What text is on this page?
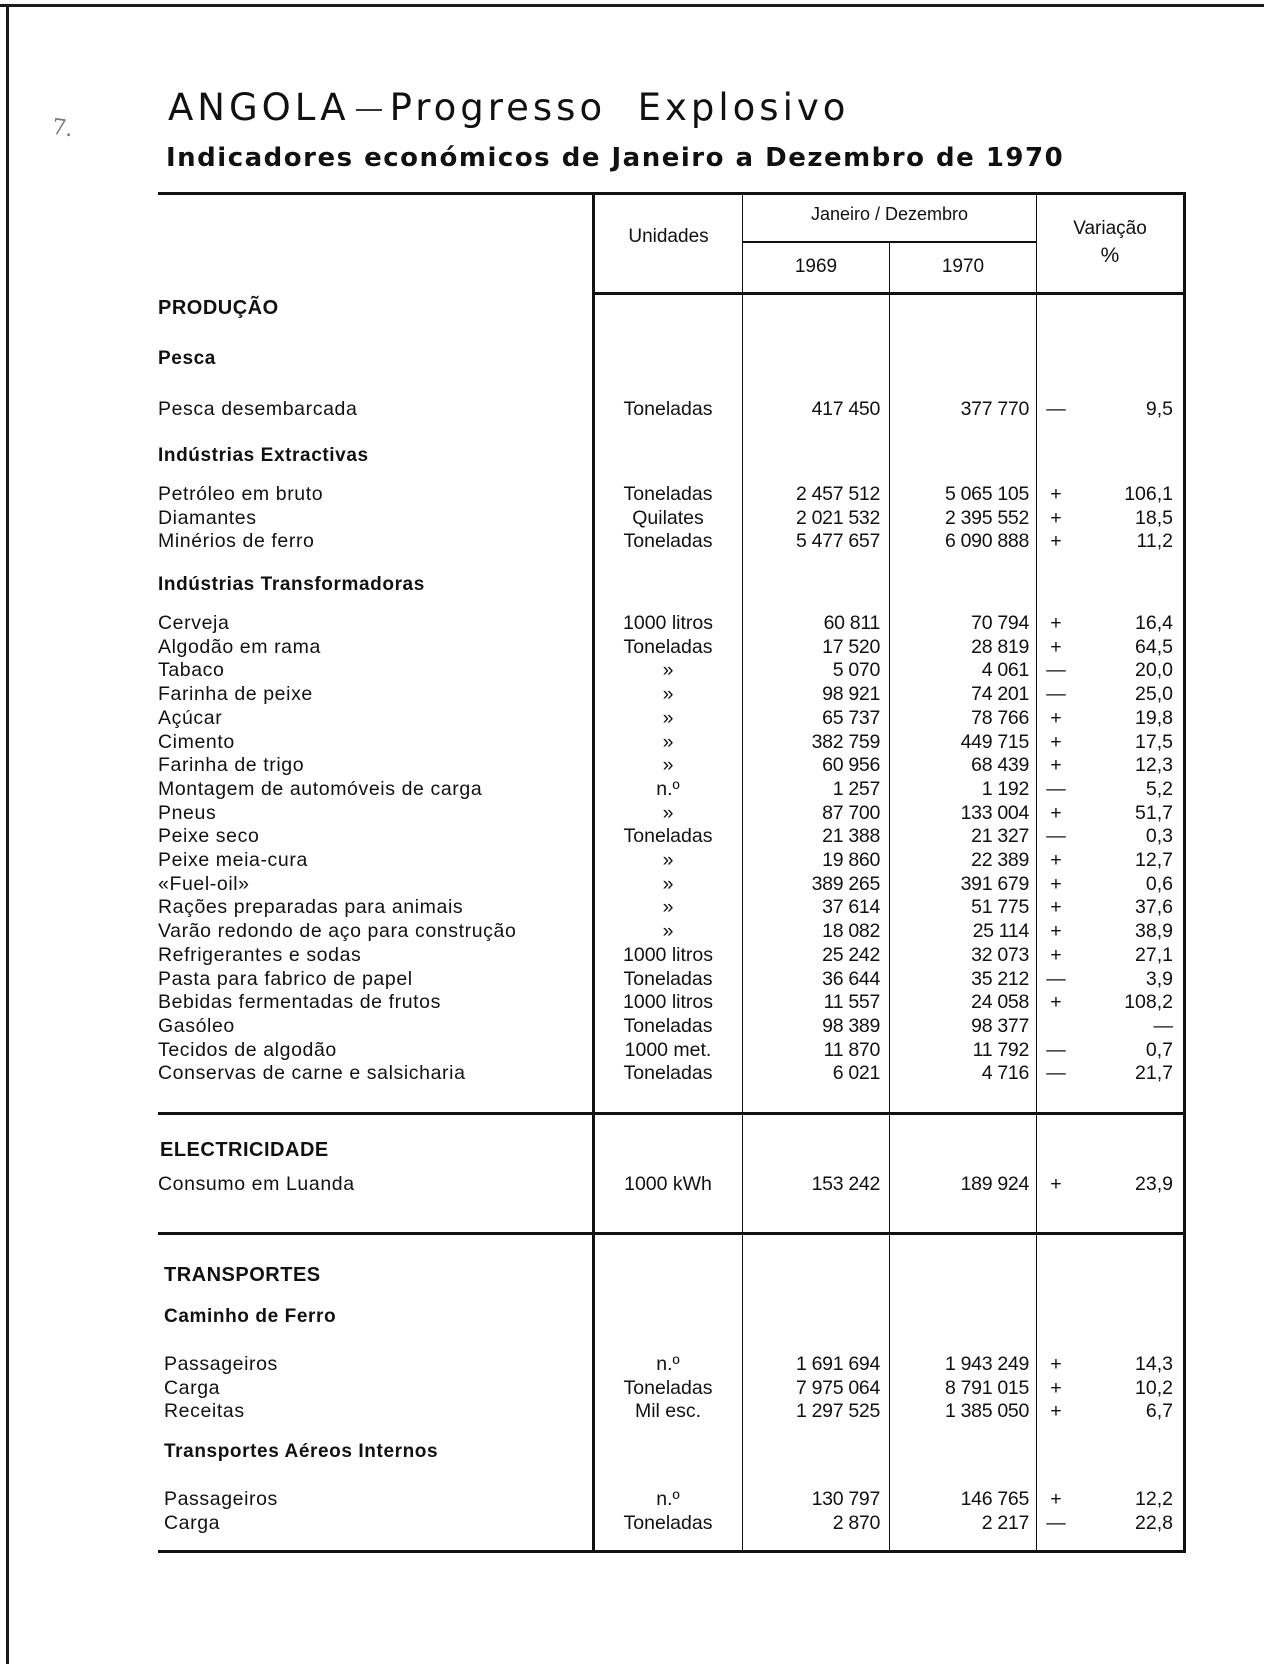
7.	ANGOLA Progresso  Explosivo
Indicadores económicos de Janeiro a Dezembro de 1970
Unidades
Janeiro / Dezembro
1969	1970
Variação
%
PRODUÇÃO
Pesca
Pesca desembarcada	Toneladas	417 450	377 770 —	9,5
Indústrias Extractivas
Petróleo em bruto	Toneladas	2 457 512	5 065 105	+	106,1
Diamantes	Quilates	2 021 532	2 395 552	+	18,5
Minérios de ferro	Toneladas	5 477 657	6 090 888	+	11,2
Indústrias Transformadoras
Cerveja	1000 litros	60 811	70 794	+	16,4
Algodão em rama	Toneladas	17 520	28 819	+	64,5
Tabaco	»	5 070	4 061 —	20,0
Farinha de peixe	»	98 921	74 201 —	25,0
Açúcar	»	65 737	78 766	+	19,8
Cimento	»	382 759	449 715	+	17,5
Farinha de trigo	»	60 956	68 439	+	12,3
Montagem de automóveis de carga	n.º	1 257	1 192 —	5,2
Pneus	»	87 700	133 004	+	51,7
Peixe seco	Toneladas	21 388	21 327 —	0,3
Peixe meia-cura	»	19 860	22 389	+	12,7
«Fuel-oil»	»	389 265	391 679	+	0,6
Rações preparadas para animais	»	37 614	51 775	+	37,6
Varão redondo de aço para construção	»	18 082	25 114	+	38,9
Refrigerantes e sodas	1000 litros	25 242	32 073	+	27,1
Pasta para fabrico de papel	Toneladas	36 644	35 212 —	3,9
Bebidas fermentadas de frutos	1000 litros	11 557	24 058	+	108,2
Gasóleo	Toneladas	98 389	98 377	—
Tecidos de algodão	1000 met.	11 870	11 792 —	0,7
Conservas de carne e salsicharia	Toneladas	6 021	4 716 —	21,7
ELECTRICIDADE
Consumo em Luanda	1000 kWh	153 242	189 924	+	23,9
TRANSPORTES
Caminho de Ferro
Passageiros	n.º	1 691 694	1 943 249	+	14,3
Carga	Toneladas	7 975 064	8 791 015	+	10,2
Receitas	Mil esc.	1 297 525	1 385 050	+	6,7
Transportes Aéreos Internos
Passageiros	n.º	130 797	146 765	+	12,2
Carga	Toneladas	2 870	2 217 —	22,8
